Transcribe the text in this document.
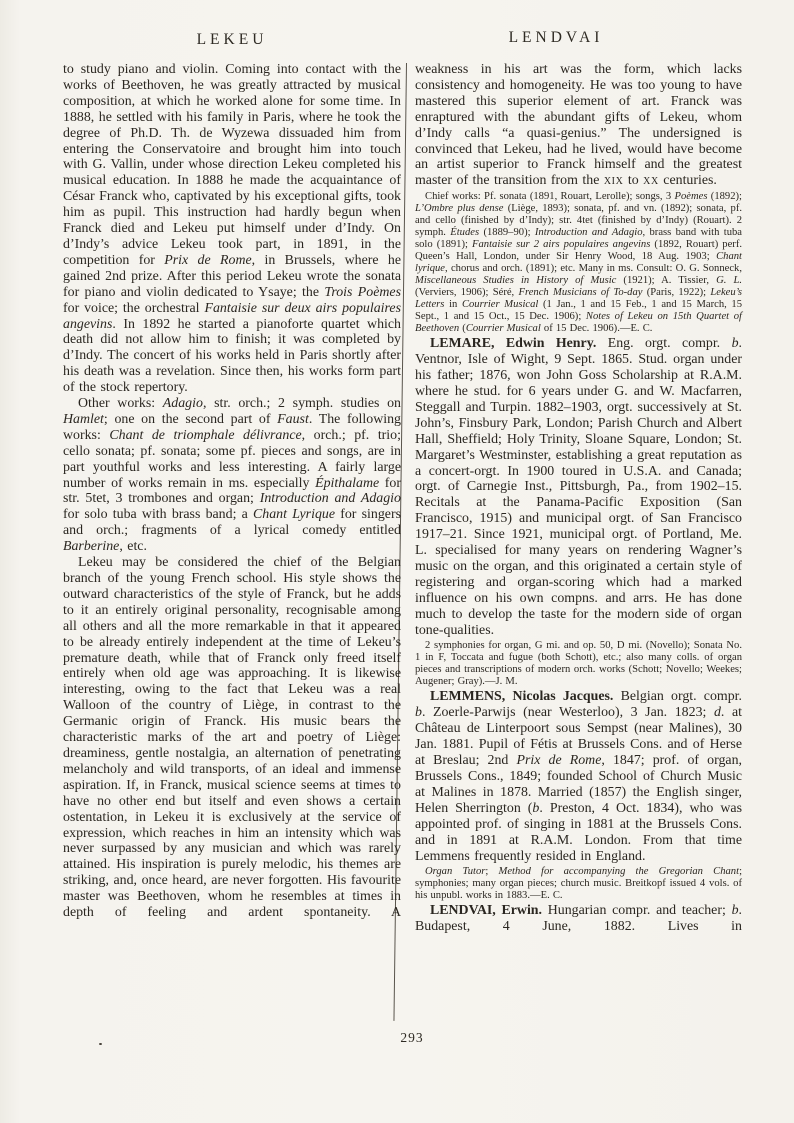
LEKEU	LENDVAI

to study piano and violin. Coming into contact with the works of Beethoven, he was greatly attracted by musical composition, at which he worked alone for some time. In 1888, he settled with his family in Paris, where he took the degree of Ph.D. Th. de Wyzewa dissuaded him from entering the Conservatoire and brought him into touch with G. Vallin, under whose direction Lekeu completed his musical education. In 1888 he made the acquaintance of César Franck who, captivated by his exceptional gifts, took him as pupil. This instruction had hardly begun when Franck died and Lekeu put himself under d’Indy. On d’Indy’s advice Lekeu took part, in 1891, in the competition for Prix de Rome, in Brussels, where he gained 2nd prize. After this period Lekeu wrote the sonata for piano and violin dedicated to Ysaye; the Trois Poèmes for voice; the orchestral Fantaisie sur deux airs populaires angevins. In 1892 he started a pianoforte quartet which death did not allow him to finish; it was completed by d’Indy. The concert of his works held in Paris shortly after his death was a revelation. Since then, his works form part of the stock repertory.

Other works: Adagio, str. orch.; 2 symph. studies on Hamlet; one on the second part of Faust. The following works: Chant de triomphale délivrance, orch.; pf. trio; cello sonata; pf. sonata; some pf. pieces and songs, are in part youthful works and less interesting. A fairly large number of works remain in ms. especially Épithalame for str. 5tet, 3 trombones and organ; Introduction and Adagio for solo tuba with brass band; a Chant Lyrique for singers and orch.; fragments of a lyrical comedy entitled Barberine, etc.

Lekeu may be considered the chief of the Belgian branch of the young French school. His style shows the outward characteristics of the style of Franck, but he adds to it an entirely original personality, recognisable among all others and all the more remarkable in that it appeared to be already entirely independent at the time of Lekeu’s premature death, while that of Franck only freed itself entirely when old age was approaching. It is likewise interesting, owing to the fact that Lekeu was a real Walloon of the country of Liège, in contrast to the Germanic origin of Franck. His music bears the characteristic marks of the art and poetry of Liège: dreaminess, gentle nostalgia, an alternation of penetrating melancholy and wild transports, of an ideal and immense aspiration. If, in Franck, musical science seems at times to have no other end but itself and even shows a certain ostentation, in Lekeu it is exclusively at the service of expression, which reaches in him an intensity which was never surpassed by any musician and which was rarely attained. His inspiration is purely melodic, his themes are striking, and, once heard, are never forgotten. His favourite master was Beethoven, whom he resembles at times in depth of feeling and ardent spontaneity. A

weakness in his art was the form, which lacks consistency and homogeneity. He was too young to have mastered this superior element of art. Franck was enraptured with the abundant gifts of Lekeu, whom d’Indy calls “a quasi-genius.” The undersigned is convinced that Lekeu, had he lived, would have become an artist superior to Franck himself and the greatest master of the transition from the xix to xx centuries.

Chief works: Pf. sonata (1891, Rouart, Lerolle); songs, 3 Poèmes (1892); L’Ombre plus dense (Liège, 1893); sonata, pf. and vn. (1892); sonata, pf. and cello (finished by d’Indy); str. 4tet (finished by d’Indy) (Rouart). 2 symph. Études (1889–90); Introduction and Adagio, brass band with tuba solo (1891); Fantaisie sur 2 airs populaires angevins (1892, Rouart) perf. Queen’s Hall, London, under Sir Henry Wood, 18 Aug. 1903; Chant lyrique, chorus and orch. (1891); etc. Many in ms. Consult: O. G. Sonneck, Miscellaneous Studies in History of Music (1921); A. Tissier, G. L. (Verviers, 1906); Séré, French Musicians of To-day (Paris, 1922); Lekeu’s Letters in Courrier Musical (1 Jan., 1 and 15 Feb., 1 and 15 March, 15 Sept., 1 and 15 Oct., 15 Dec. 1906); Notes of Lekeu on 15th Quartet of Beethoven (Courrier Musical of 15 Dec. 1906).—E. C.

LEMARE, Edwin Henry. Eng. orgt. compr. b. Ventnor, Isle of Wight, 9 Sept. 1865. Stud. organ under his father; 1876, won John Goss Scholarship at R.A.M. where he stud. for 6 years under G. and W. Macfarren, Steggall and Turpin. 1882–1903, orgt. successively at St. John’s, Finsbury Park, London; Parish Church and Albert Hall, Sheffield; Holy Trinity, Sloane Square, London; St. Margaret’s Westminster, establishing a great reputation as a concert-orgt. In 1900 toured in U.S.A. and Canada; orgt. of Carnegie Inst., Pittsburgh, Pa., from 1902–15. Recitals at the Panama-Pacific Exposition (San Francisco, 1915) and municipal orgt. of San Francisco 1917–21. Since 1921, municipal orgt. of Portland, Me. L. specialised for many years on rendering Wagner’s music on the organ, and this originated a certain style of registering and organ-scoring which had a marked influence on his own compns. and arrs. He has done much to develop the taste for the modern side of organ tone-qualities.

2 symphonies for organ, G mi. and op. 50, D mi. (Novello); Sonata No. 1 in F, Toccata and fugue (both Schott), etc.; also many colls. of organ pieces and transcriptions of modern orch. works (Schott; Novello; Weekes; Augener; Gray).—J. M.

LEMMENS, Nicolas Jacques. Belgian orgt. compr. b. Zoerle-Parwijs (near Westerloo), 3 Jan. 1823; d. at Château de Linterpoort sous Sempst (near Malines), 30 Jan. 1881. Pupil of Fétis at Brussels Cons. and of Herse at Breslau; 2nd Prix de Rome, 1847; prof. of organ, Brussels Cons., 1849; founded School of Church Music at Malines in 1878. Married (1857) the English singer, Helen Sherrington (b. Preston, 4 Oct. 1834), who was appointed prof. of singing in 1881 at the Brussels Cons. and in 1891 at R.A.M. London. From that time Lemmens frequently resided in England.

Organ Tutor; Method for accompanying the Gregorian Chant; symphonies; many organ pieces; church music. Breitkopf issued 4 vols. of his unpubl. works in 1883.—E. C.

LENDVAI, Erwin. Hungarian compr. and teacher; b. Budapest, 4 June, 1882. Lives in

293
